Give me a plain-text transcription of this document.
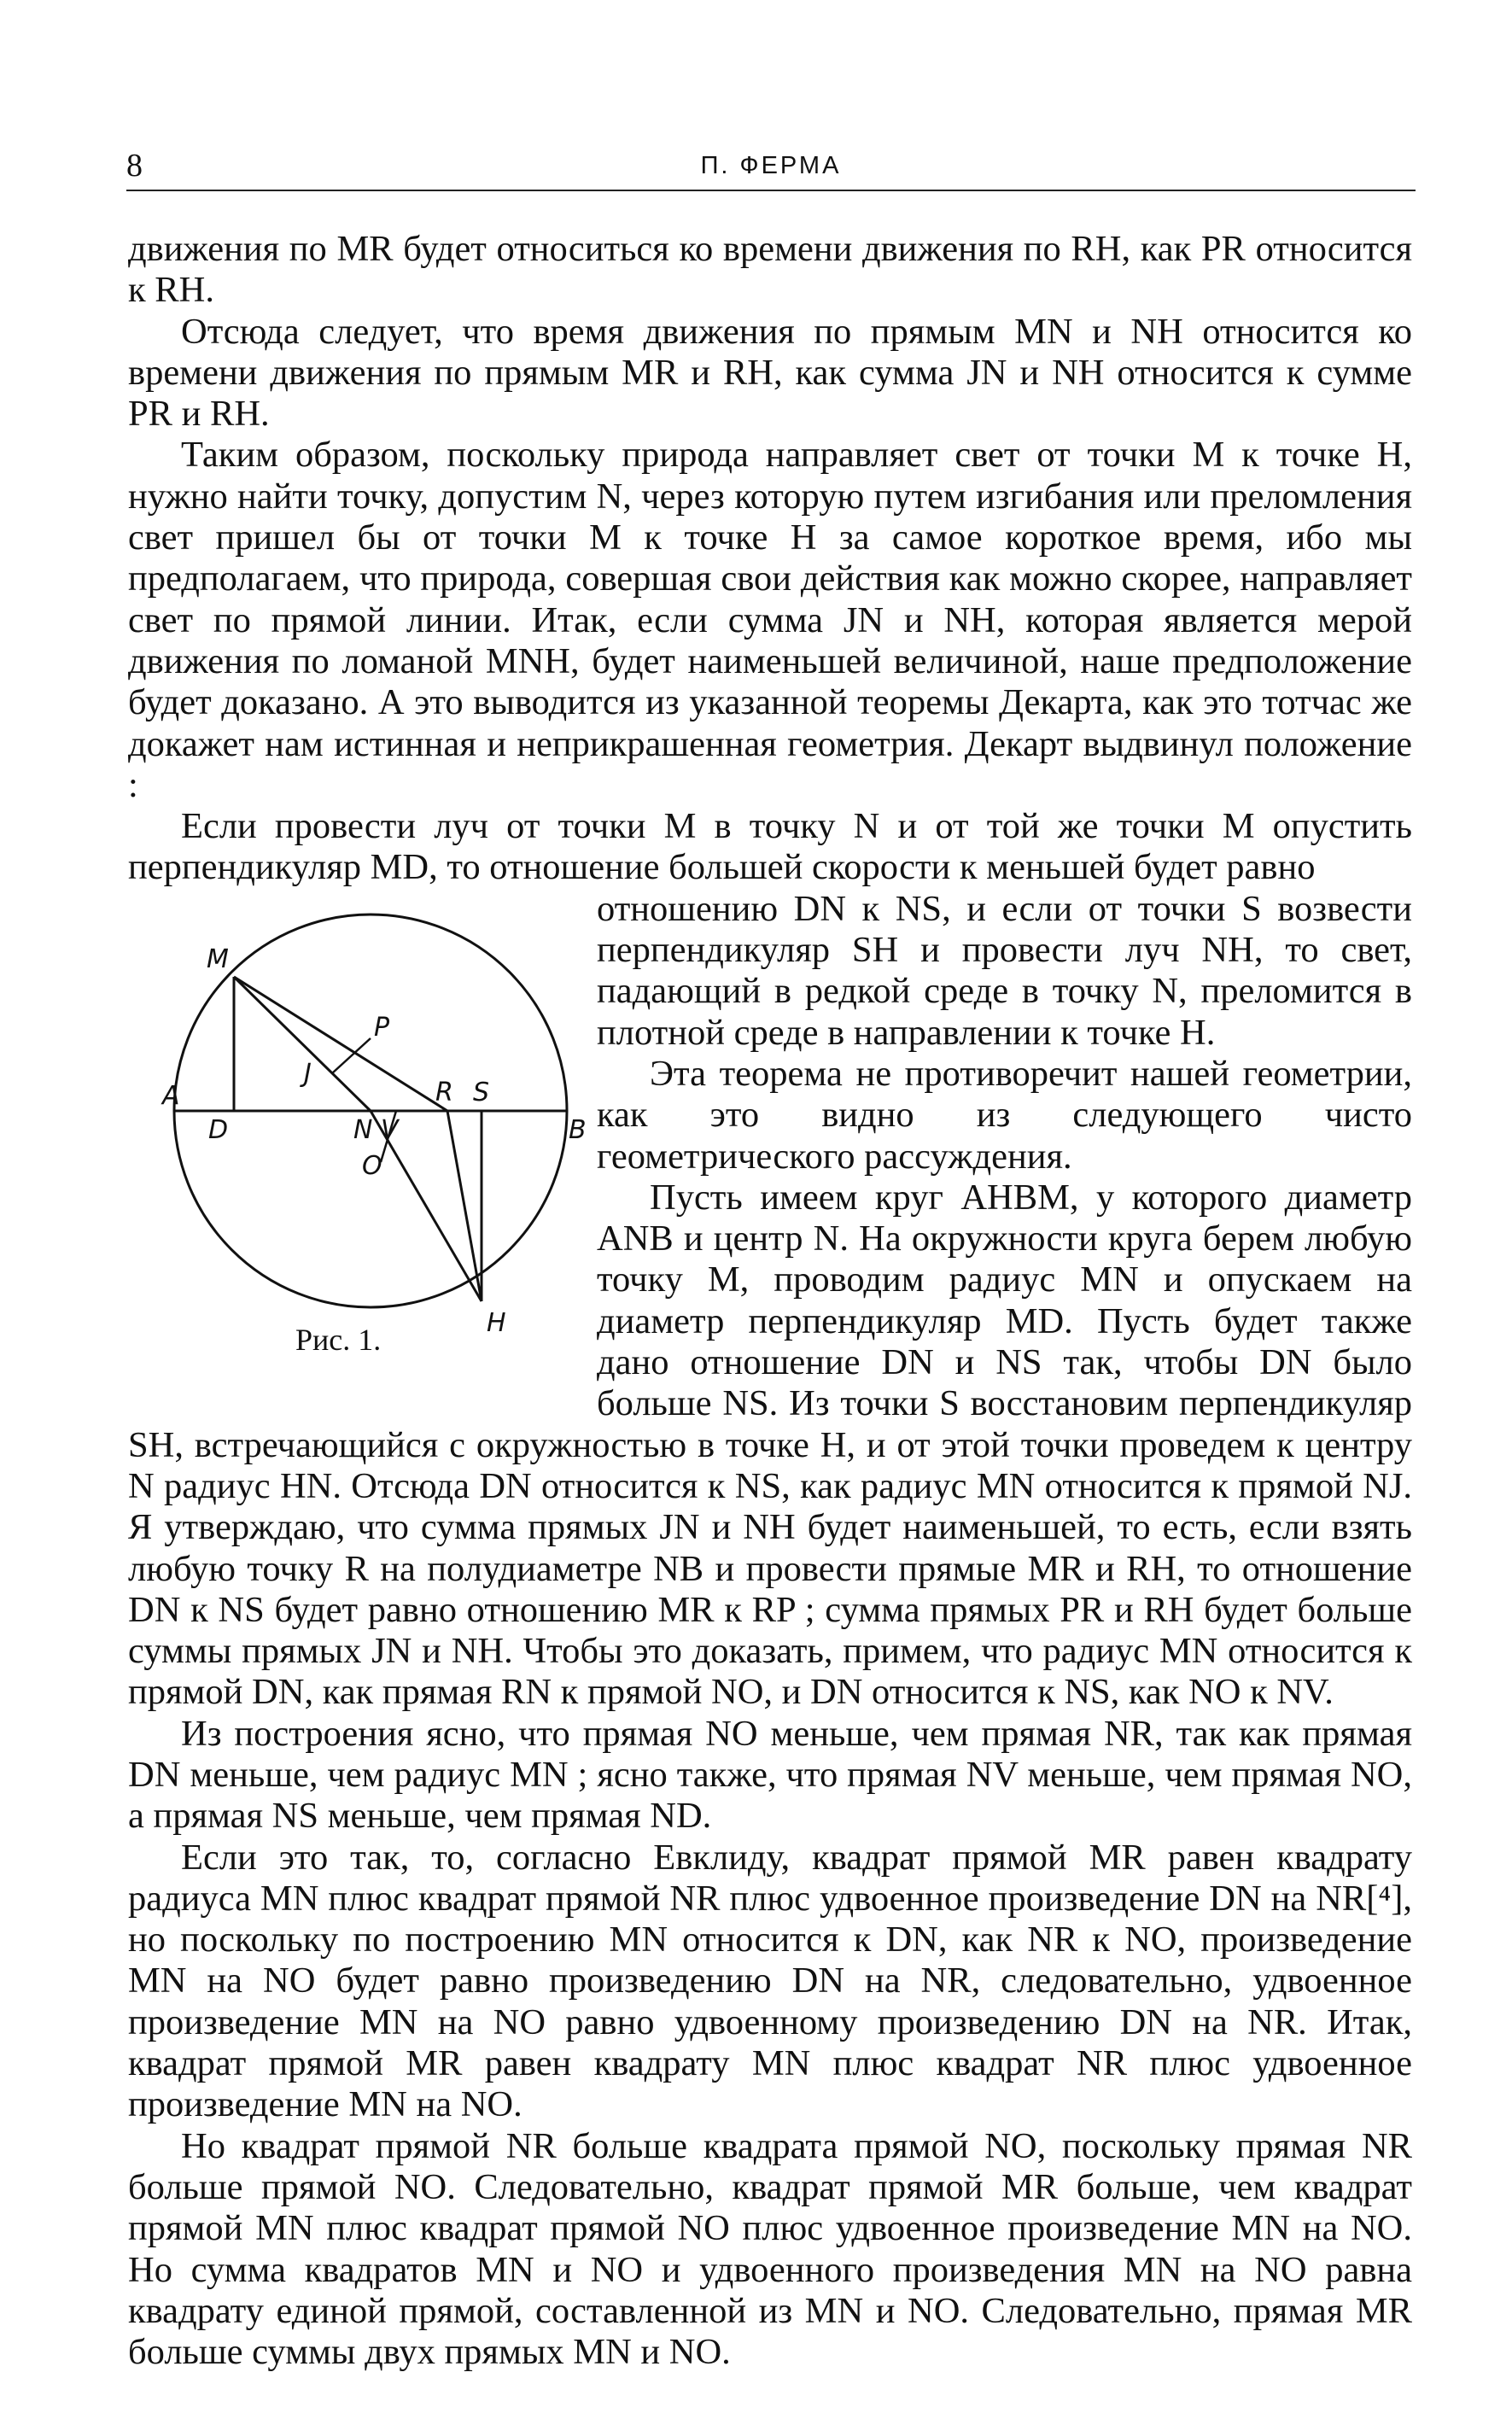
8	П. ФЕРМА

движения по MR будет относиться ко времени движения по RH, как PR относится к RH.

Отсюда следует, что время движения по прямым MN и NH относится ко времени движения по прямым MR и RH, как сумма JN и NH относится к сумме PR и RH.

Таким образом, поскольку природа направляет свет от точки M к точке H, нужно найти точку, допустим N, через которую путем изгибания или преломления свет пришел бы от точки M к точке H за самое короткое время, ибо мы предполагаем, что природа, совершая свои действия как можно скорее, направляет свет по прямой линии. Итак, если сумма JN и NH, которая является мерой движения по ломаной MNH, будет наименьшей величиной, наше предположение будет доказано. А это выводится из указанной теоремы Декарта, как это тотчас же докажет нам истинная и неприкрашенная геометрия. Декарт выдвинул положение :

Если провести луч от точки M в точку N и от той же точки M опустить перпендикуляр MD, то отношение большей скорости к меньшей будет равно

M
A
D
J
P
N V
O
R S
B
H
Рис. 1.

отношению DN к NS, и если от точки S возвести перпендикуляр SH и провести луч NH, то свет, падающий в редкой среде в точку N, преломится в плотной среде в направлении к точке H.

Эта теорема не противоречит нашей геометрии, как это видно из следующего чисто геометрического рассуждения.

Пусть имеем круг AHBM, у которого диаметр ANB и центр N. На окружности круга берем любую точку M, проводим радиус MN и опускаем на диаметр перпендикуляр MD. Пусть будет также дано отношение DN и NS так, чтобы DN было больше NS. Из точки S восстановим перпендикуляр SH, встречающийся с окружностью в точке H, и от этой точки проведем к центру N радиус HN. Отсюда DN относится к NS, как радиус MN относится к прямой NJ. Я утверждаю, что сумма прямых JN и NH будет наименьшей, то есть, если взять любую точку R на полудиаметре NB и провести прямые MR и RH, то отношение DN к NS будет равно отношению MR к RP ; сумма прямых PR и RH будет больше суммы прямых JN и NH. Чтобы это доказать, примем, что радиус MN относится к прямой DN, как прямая RN к прямой NO, и DN относится к NS, как NO к NV.

Из построения ясно, что прямая NO меньше, чем прямая NR, так как прямая DN меньше, чем радиус MN ; ясно также, что прямая NV меньше, чем прямая NO, а прямая NS меньше, чем прямая ND.

Если это так, то, согласно Евклиду, квадрат прямой MR равен квадрату радиуса MN плюс квадрат прямой NR плюс удвоенное произведение DN на NR[⁴], но поскольку по построению MN относится к DN, как NR к NO, произведение MN на NO будет равно произведению DN на NR, следовательно, удвоенное произведение MN на NO равно удвоенному произведению DN на NR. Итак, квадрат прямой MR равен квадрату MN плюс квадрат NR плюс удвоенное произведение MN на NO.

Но квадрат прямой NR больше квадрата прямой NO, поскольку прямая NR больше прямой NO. Следовательно, квадрат прямой MR больше, чем квадрат прямой MN плюс квадрат прямой NO плюс удвоенное произведение MN на NO. Но сумма квадратов MN и NO и удвоенного произведения MN на NO равна квадрату единой прямой, составленной из MN и NO. Следовательно, прямая MR больше суммы двух прямых MN и NO.
